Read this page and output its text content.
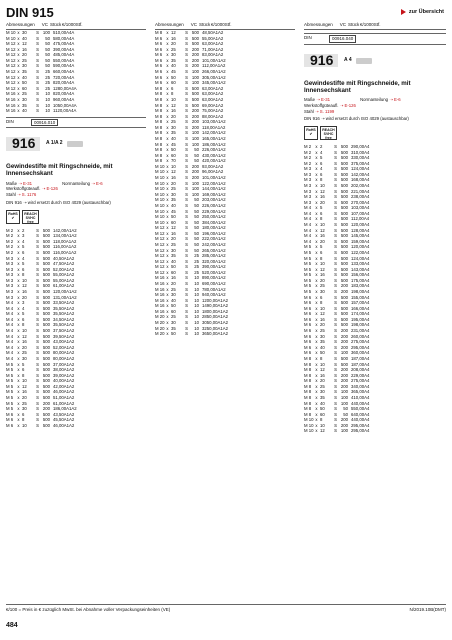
DIN 915	zur Übersicht
Abmessungen	VC Stück €/1000Stf.
M 10 x 30	S 100 510,00A4A
M 10 x 40	S	50 580,00A4A
M 12 x 12	S	50 475,00A4A
M 12 x 16	S	50 390,00A4A
M 12 x 20	S	50 485,00A4A
M 12 x 25	S	50 550,00A4A
M 12 x 30	S	50 590,00A4A
M 12 x 35	S	25 660,00A4A
M 12 x 40	S	25 720,00A4A
M 12 x 50	S	25 820,00A4A
M 12 x 60	S	25 1280,00A4A
M 16 x 25	S	10 820,00A4A
M 16 x 30	S	10 960,00A4A
M 16 x 35	S	10 1050,00A4A
M 16 x 40	S	10 1120,00A4A
DIN	00916.010
916	A 1/A 2
Gewindestifte mit Ringschneide, mit Innensechskant
Maße ➝ E-31	Normanteilung ➝ E-6
Werkstoffgüteaufl. ➝ E-126
Stahl ➝ S. 1176
DIN 916 ➝ wird ersetzt durch ISO 4029 (austauschbar)
RoHS ✔
REACH SVHC free
M 2 x 2	S 500 142,00A1A2
M 2 x 3	S 500 134,00A1A2
M 2 x 4	S 500 118,00A1A2
M 2 x 5	S 500 116,00A1A2
M 2 x 6	S 500 116,00A1A2
M 3 x 4	S 500 40,50A1A2
M 3 x 5	S 500 47,50A1A2
M 3 x 6	S 500 52,00A1A2
M 3 x 8	S 500 55,00A1A2
M 3 x 10	S 500 55,00A1A2
M 3 x 12	S 500 61,00A1A2
M 3 x 16	S 500 120,00A1A2
M 3 x 20	S 500 131,00A1A2
M 4 x 3	S 500 33,50A1A2
M 4 x 4	S 500 35,50A1A2
M 4 x 5	S 500 35,50A1A2
M 4 x 6	S 500 34,50A1A2
M 4 x 8	S 500 35,50A1A2
M 4 x 10	S 500 37,50A1A2
M 4 x 12	S 500 39,50A1A2
M 4 x 16	S 500 43,00A1A2
M 4 x 20	S 500 52,00A1A2
M 4 x 25	S 500 80,00A1A2
M 4 x 30	S 500 80,00A1A2
M 5 x 5	S 500 37,00A1A2
M 5 x 6	S 500 38,00A1A2
M 5 x 8	S 500 39,00A1A2
M 5 x 10	S 500 40,00A1A2
M 5 x 12	S 500 42,00A1A2
M 5 x 16	S 500 46,00A1A2
M 5 x 20	S 500 51,00A1A2
M 5 x 25	S 200 61,00A1A2
M 5 x 30	S 200 186,00A1A2
M 6 x 6	S 500 43,50A1A2
M 6 x 8	S 500 45,50A1A2
M 6 x 10	S 500 46,00A1A2
Abmessungen	VC Stück €/1000Stf.
M 8 x 12	S 500 48,50A1A2
M 6 x 16	S 500 55,00A1A2
M 6 x 20	S 500 63,00A1A2
M 6 x 25	S 200 71,00A1A2
M 6 x 30	S 200 83,00A1A2
M 6 x 35	S 200 101,00A1A2
M 6 x 40	S 200 112,00A1A2
M 6 x 45	S 100 266,00A1A2
M 6 x 50	S 100 305,00A1A2
M 6 x 60	S 100 345,00A1A2
M 8 x 6	S 500 63,00A1A2
M 8 x 8	S 500 63,00A1A2
M 8 x 10	S 500 63,00A1A2
M 8 x 12	S 500 69,00A1A2
M 8 x 16	S 200 75,00A1A2
M 8 x 20	S 200 88,00A1A2
M 8 x 25	S 200 103,00A1A2
M 8 x 30	S 200 118,00A1A2
M 8 x 35	S 100 142,00A1A2
M 8 x 40	S 100 165,00A1A2
M 8 x 45	S 100 186,00A1A2
M 8 x 50	S	50 226,00A1A2
M 8 x 60	S	50 430,00A1A2
M 8 x 70	S	50 420,00A1A2
M 10 x 10	S 200 93,00A1A2
M 10 x 12	S 200 96,00A1A2
M 10 x 16	S 200 101,00A1A2
M 10 x 20	S 100 122,00A1A2
M 10 x 25	S 100 144,00A1A2
M 10 x 30	S 100 169,00A1A2
M 10 x 35	S	50 203,00A1A2
M 10 x 40	S	50 226,00A1A2
M 10 x 45	S	50 229,00A1A2
M 10 x 50	S	50 250,00A1A2
M 10 x 60	S	50 384,00A1A2
M 12 x 12	S	50 180,00A1A2
M 12 x 16	S	50 196,00A1A2
M 12 x 20	S	50 222,00A1A2
M 12 x 25	S	50 242,00A1A2
M 12 x 30	S	50 265,00A1A2
M 12 x 35	S	25 285,00A1A2
M 12 x 40	S	25 320,00A1A2
M 12 x 50	S	25 390,00A1A2
M 12 x 60	S	25 520,00A1A2
M 16 x 16	S	10 890,00A1A2
M 16 x 20	S	10 690,00A1A2
M 16 x 25	S	10 780,00A1A2
M 16 x 30	S	10 940,00A1A2
M 16 x 40	S	10 1200,00A1A2
M 16 x 50	S	10 1490,00A1A2
M 16 x 60	S	10 1800,00A1A2
M 20 x 25	S	10 2850,00A1A2
M 20 x 30	S	10 3050,00A1A2
M 20 x 35	S	10 3250,00A1A2
M 20 x 50	S	10 3650,00A1A2
Abmessungen	VC Stück €/1000Stf.
DIN	00916.040
916	A 4
Gewindestifte mit Ringschneide, mit Innensechskant
Maße ➝ E-31	Normanteilung ➝ E-6
Werkstoffgüteaufl. ➝ E-126
Stahl ➝ S. 1199
DIN 916 ➝ wird ersetzt durch ISO 4029 (austauschbar)
RoHS ✔
REACH SVHC free
M 2 x 2	S 500 290,00A4
M 2 x 4	S 500 310,00A4
M 2 x 5	S 500 330,00A4
M 2 x 6	S 500 375,00A4
M 3 x 4	S 500 124,00A4
M 3 x 6	S 500 142,00A4
M 3 x 8	S 500 168,00A4
M 3 x 10	S 500 202,00A4
M 3 x 12	S 500 221,00A4
M 3 x 16	S 500 238,00A4
M 3 x 20	S 500 270,00A4
M 4 x 5	S 500 103,00A4
M 4 x 6	S 500 107,00A4
M 4 x 8	S 500 112,00A4
M 4 x 10	S 500 120,00A4
M 4 x 12	S 500 128,00A4
M 4 x 16	S 500 145,00A4
M 4 x 20	S 500 159,00A4
M 5 x 5	S 500 120,00A4
M 5 x 6	S 500 122,00A4
M 5 x 8	S 500 124,00A4
M 5 x 10	S 500 133,00A4
M 5 x 12	S 500 143,00A4
M 5 x 16	S 500 156,00A4
M 5 x 20	S 500 175,00A4
M 5 x 25	S 200 183,00A4
M 5 x 30	S 200 198,00A4
M 6 x 6	S 500 155,00A4
M 6 x 8	S 500 157,00A4
M 6 x 10	S 500 166,00A4
M 6 x 12	S 500 174,00A4
M 6 x 16	S 500 195,00A4
M 6 x 20	S 500 198,00A4
M 6 x 25	S 200 231,00A4
M 6 x 30	S 200 260,00A4
M 6 x 35	S 200 275,00A4
M 6 x 40	S 200 295,00A4
M 6 x 50	S 100 360,00A4
M 8 x 8	S 500 187,00A4
M 8 x 10	S 500 187,00A4
M 8 x 12	S 200 208,00A4
M 8 x 16	S 200 229,00A4
M 8 x 20	S 200 275,00A4
M 8 x 25	S 200 340,00A4
M 8 x 30	S 100 365,00A4
M 8 x 35	S 100 410,00A4
M 8 x 40	S 100 440,00A4
M 8 x 50	S	50 550,00A4
M 8 x 60	S	50 640,00A4
M 10 x 8	S 200 440,00A4
M 10 x 10	S 200 295,00A4
M 10 x 12	S 100 295,00A4
€/100 = Preis in € zuzüglich MwSt. bei Abnahme voller Verpackungseinheiten (VE)	N/2019.10B(DMT)
484
